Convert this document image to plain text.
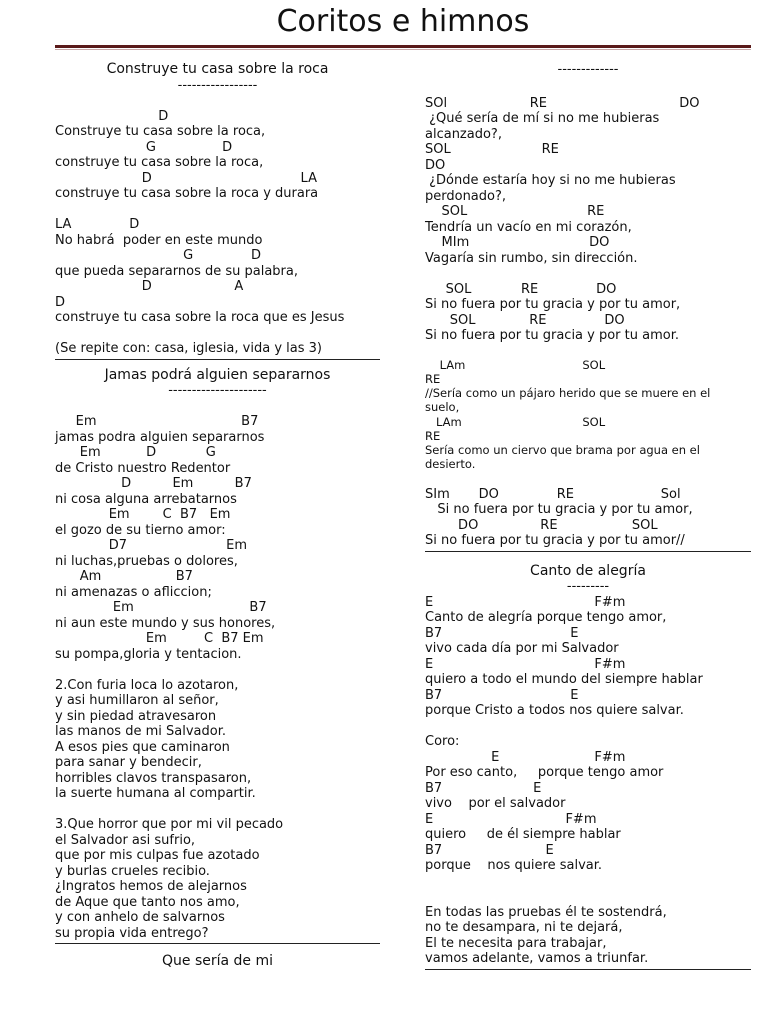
Coritos e himnos
Construye tu casa sobre la roca
-----------------
D
Construye tu casa sobre la roca,
G                D
construye tu casa sobre la roca,
D                                    LA
construye tu casa sobre la roca y durara
LA              D
No habrá  poder en este mundo
G              D
que pueda separarnos de su palabra,
D                    A
D
construye tu casa sobre la roca que es Jesus
(Se repite con: casa, iglesia, vida y las 3)
Jamas podrá alguien separarnos
---------------------
Em                                   B7
jamas podra alguien separarnos
Em           D            G
de Cristo nuestro Redentor
D          Em          B7
ni cosa alguna arrebatarnos
Em        C  B7   Em
el gozo de su tierno amor:
D7                        Em
ni luchas,pruebas o dolores,
Am                  B7
ni amenazas o afliccion;
Em                            B7
ni aun este mundo y sus honores,
Em         C  B7 Em
su pompa,gloria y tentacion.
2.Con furia loca lo azotaron,
y asi humillaron al señor,
y sin piedad atravesaron
las manos de mi Salvador.
A esos pies que caminaron
para sanar y bendecir,
horribles clavos transpasaron,
la suerte humana al compartir.
3.Que horror que por mi vil pecado
el Salvador asi sufrio,
que por mis culpas fue azotado
y burlas crueles recibio.
¿Ingratos hemos de alejarnos
de Aque que tanto nos amo,
y con anhelo de salvarnos
su propia vida entrego?
Que sería de mi
-------------
SOl                    RE                                DO
¿Qué sería de mí si no me hubieras
alcanzado?,
SOL                      RE
DO
¿Dónde estaría hoy si no me hubieras
perdonado?,
SOL                             RE
Tendría un vacío en mi corazón,
MIm                             DO
Vagaría sin rumbo, sin dirección.
SOL            RE              DO
Si no fuera por tu gracia y por tu amor,
SOL             RE              DO
Si no fuera por tu gracia y por tu amor.
LAm                                SOL
RE
//Sería como un pájaro herido que se muere en el
suelo,
LAm                                 SOL
RE
Sería como un ciervo que brama por agua en el
desierto.
SIm       DO              RE                     Sol
Si no fuera por tu gracia y por tu amor,
DO               RE                  SOL
Si no fuera por tu gracia y por tu amor//
Canto de alegría
---------
E                                       F#m
Canto de alegría porque tengo amor,
B7                               E
vivo cada día por mi Salvador
E                                       F#m
quiero a todo el mundo del siempre hablar
B7                               E
porque Cristo a todos nos quiere salvar.
Coro:
E                       F#m
Por eso canto,     porque tengo amor
B7                      E
vivo    por el salvador
E                                F#m
quiero     de él siempre hablar
B7                         E
porque    nos quiere salvar.
En todas las pruebas él te sostendrá,
no te desampara, ni te dejará,
El te necesita para trabajar,
vamos adelante, vamos a triunfar.
